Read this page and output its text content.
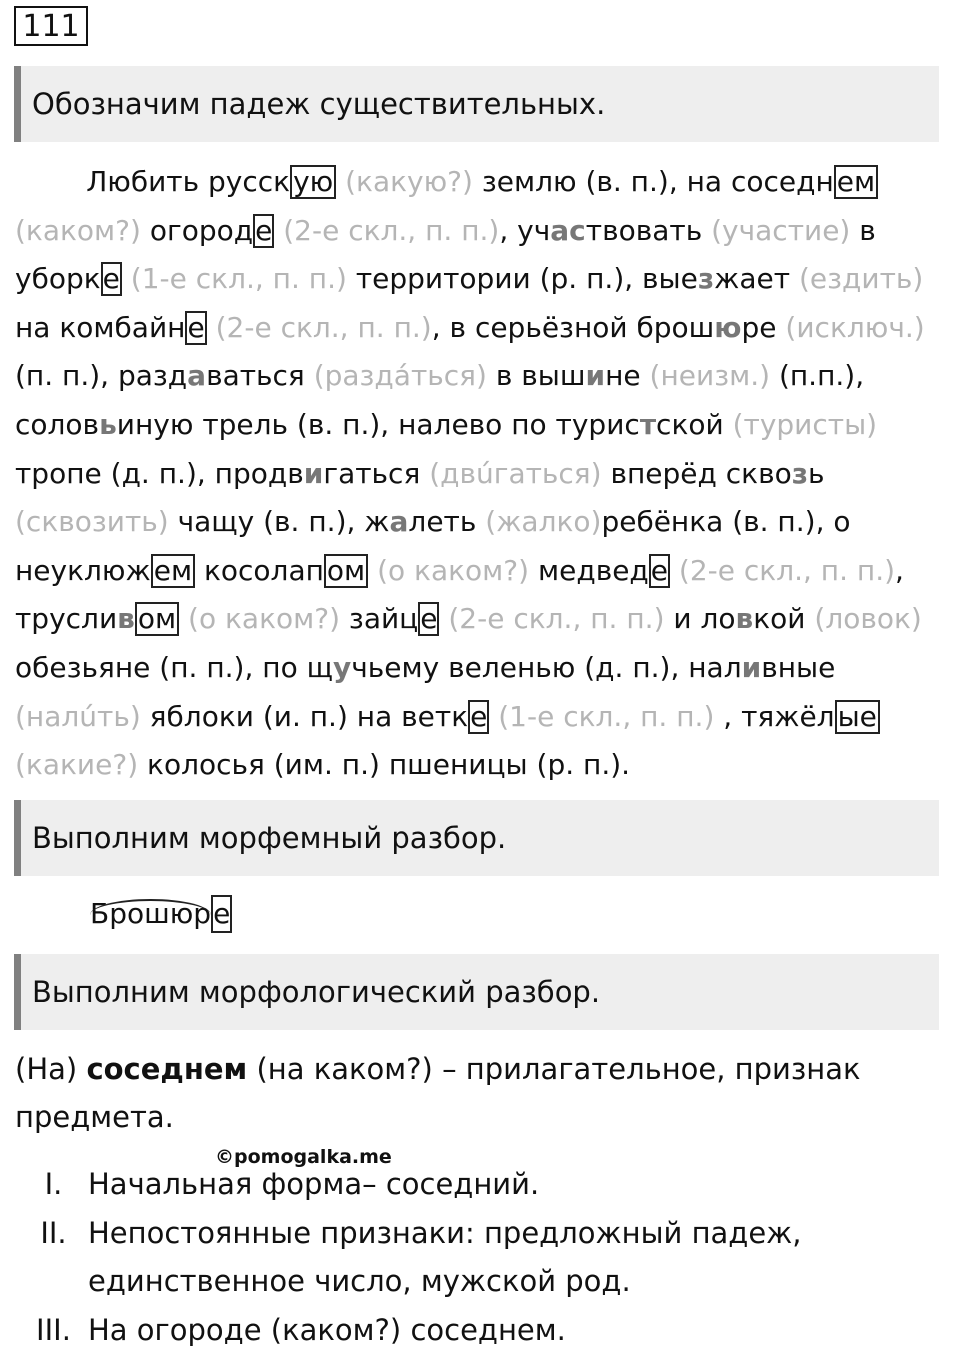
111
Обозначим падеж существительных.
Любить русск ую (какую?) землю (в. п.), на соседн ем
(каком?) огороде (2-е скл., п. п.), участвовать (участие) в
уборке (1-е скл., п. п.) территории (р. п.), выезжает (ездить)
на комбайне (2-е скл., п. п.), в серьёзной брошюре (исключ.)
(п. п.), раздаваться (раздáться) в вышине (неизм.) (п.п.),
соловьиную трель (в. п.), налево по туристской (туристы)
тропе (д. п.), продвигаться (двúгаться) вперёд сквозь
(сквозить) чащу (в. п.), жалеть (жалко)ребёнка (в. п.), о
неуклюж ем косолап ом (о каком?) медведе (2-е скл., п. п.),
труслив ом (о каком?) зайце (2-е скл., п. п.) и ловкой (ловок)
обезьяне (п. п.), по щучьему веленью (д. п.), наливные
(налúть) яблоки (и. п.) на ветке (1-е скл., п. п.) , тяжёл ые
(какие?) колосья (им. п.) пшеницы (р. п.).
Выполним морфемный разбор.
Брошюре
Выполним морфологический разбор.
(На) соседнем (на каком?) – прилагательное, признак предмета.
©pomogalka.me
I. Начальная форма– соседний.
II. Непостоянные признаки: предложный падеж, единственное число, мужской род.
III. На огороде (каком?) соседнем.
